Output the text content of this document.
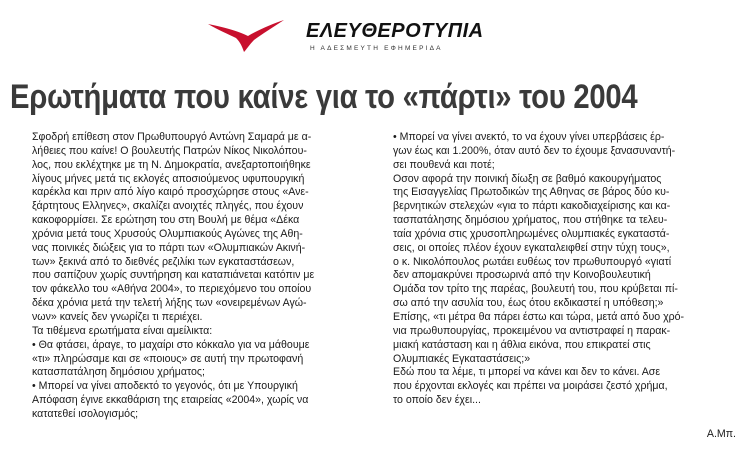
ΕΛΕΥΘΕΡΟΤΥΠΙΑ
Η ΑΔΕΣΜΕΥΤΗ ΕΦΗΜΕΡΙΔΑ
Ερωτήματα που καίνε για το «πάρτι» του 2004

Σφοδρή επίθεση στον Πρωθυπουργό Αντώνη Σαμαρά με α-

λήθειες που καίνε! Ο βουλευτής Πατρών Νίκος Νικολόπου-

λος, που εκλέχτηκε με τη Ν. Δημοκρατία, ανεξαρτοποιήθηκε

λίγους μήνες μετά τις εκλογές αποσιούμενος υφυπουργική

καρέκλα και πριν από λίγο καιρό προσχώρησε στους «Ανε-

ξάρτητους Ελληνες», σκαλίζει ανοιχτές πληγές, που έχουν

κακοφορμίσει. Σε ερώτηση του στη Βουλή με θέμα «Δέκα

χρόνια μετά τους Χρυσούς Ολυμπιακούς Αγώνες της Αθη-

νας ποινικές διώξεις για το πάρτι των «Ολυμπιακών Ακινή-

των» ξεκινά από το διεθνές ρεζιλίκι των εγκαταστάσεων,

που σαπίζουν χωρίς συντήρηση και καταπιάνεται κατόπιν με

τον φάκελλο του «Αθήνα 2004», το περιεχόμενο του οποίου

δέκα χρόνια μετά την τελετή λήξης των «ονειρεμένων Αγώ-

νων» κανείς δεν γνωρίζει τι περιέχει.

Τα τιθέμενα ερωτήματα είναι αμείλικτα:

• Θα φτάσει, άραγε, το μαχαίρι στο κόκκαλο για να μάθουμε

«τι» πληρώσαμε και σε «ποιους» σε αυτή την πρωτοφανή

κατασπατάληση δημόσιου χρήματος;

• Μπορεί να γίνει αποδεκτό το γεγονός, ότι με Υπουργική

Απόφαση έγινε εκκαθάριση της εταιρείας «2004», χωρίς να

κατατεθεί ισολογισμός;

• Μπορεί να γίνει ανεκτό, το να έχουν γίνει υπερβάσεις έρ-

γων έως και 1.200%, όταν αυτό δεν το έχουμε ξανασυναντή-

σει πουθενά και ποτέ;

Οσον αφορά την ποινική δίωξη σε βαθμό κακουργήματος

της Εισαγγελίας Πρωτοδικών της Αθηνας σε βάρος δύο κυ-

βερνητικών στελεχών «για το πάρτι κακοδιαχείρισης και κα-

τασπατάλησης δημόσιου χρήματος, που στήθηκε τα τελευ-

ταία χρόνια στις χρυσοπληρωμένες ολυμπιακές εγκαταστά-

σεις, οι οποίες πλέον έχουν εγκαταλειφθεί στην τύχη τους»,

ο κ. Νικολόπουλος ρωτάει ευθέως τον πρωθυπουργό «γιατί

δεν απομακρύνει προσωρινά από την Κοινοβουλευτική

Ομάδα τον τρίτο της παρέας, βουλευτή του, που κρύβεται πί-

σω από την ασυλία του, έως ότου εκδικαστεί η υπόθεση;»

Επίσης, «τι μέτρα θα πάρει έστω και τώρα, μετά από δυο χρό-

νια πρωθυπουργίας, προκειμένου να αντιστραφεί η παρακ-

μιακή κατάσταση και η άθλια εικόνα, που επικρατεί στις

Ολυμπιακές Εγκαταστάσεις;»

Εδώ που τα λέμε, τι μπορεί να κάνει και δεν το κάνει. Ασε

που έρχονται εκλογές και πρέπει να μοιράσει ζεστό χρήμα,

το οποίο δεν έχει...

Α.Μπ.
